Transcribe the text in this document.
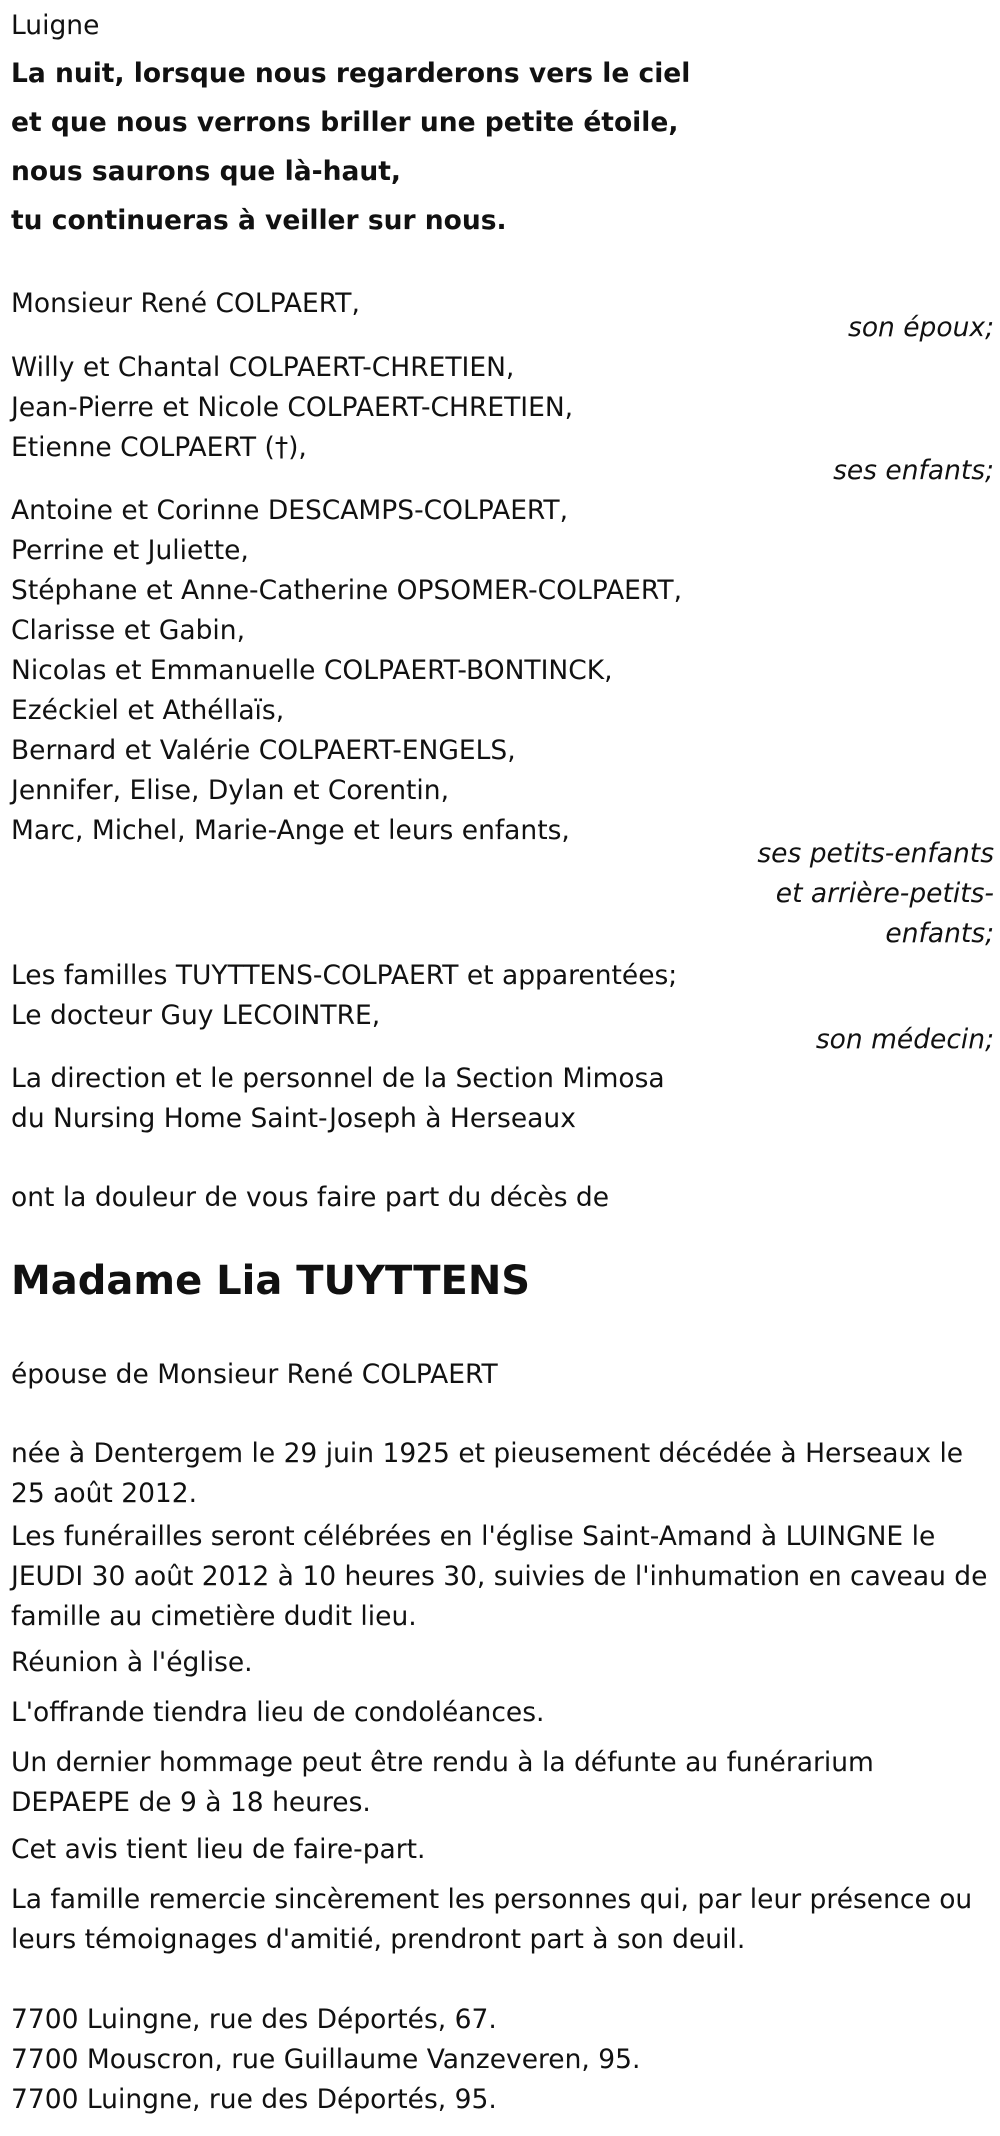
Luigne
La nuit, lorsque nous regarderons vers le ciel
et que nous verrons briller une petite étoile,
nous saurons que là-haut,
tu continueras à veiller sur nous.
Monsieur René COLPAERT,
son époux;
Willy et Chantal COLPAERT-CHRETIEN,
Jean-Pierre et Nicole COLPAERT-CHRETIEN,
Etienne COLPAERT (†),
ses enfants;
Antoine et Corinne DESCAMPS-COLPAERT,
Perrine et Juliette,
Stéphane et Anne-Catherine OPSOMER-COLPAERT,
Clarisse et Gabin,
Nicolas et Emmanuelle COLPAERT-BONTINCK,
Ezéckiel et Athéllaïs,
Bernard et Valérie COLPAERT-ENGELS,
Jennifer, Elise, Dylan et Corentin,
Marc, Michel, Marie-Ange et leurs enfants,
ses petits-enfants
et arrière-petits-
enfants;
Les familles TUYTTENS-COLPAERT et apparentées;
Le docteur Guy LECOINTRE,
son médecin;
La direction et le personnel de la Section Mimosa
du Nursing Home Saint-Joseph à Herseaux
ont la douleur de vous faire part du décès de
Madame Lia TUYTTENS
épouse de Monsieur René COLPAERT
née à Dentergem le 29 juin 1925 et pieusement décédée à Herseaux le 25 août 2012.
Les funérailles seront célébrées en l'église Saint-Amand à LUINGNE le JEUDI 30 août 2012 à 10 heures 30, suivies de l'inhumation en caveau de famille au cimetière dudit lieu.
Réunion à l'église.
L'offrande tiendra lieu de condoléances.
Un dernier hommage peut être rendu à la défunte au funérarium DEPAEPE de 9 à 18 heures.
Cet avis tient lieu de faire-part.
La famille remercie sincèrement les personnes qui, par leur présence ou leurs témoignages d'amitié, prendront part à son deuil.
7700 Luingne, rue des Déportés, 67.
7700 Mouscron, rue Guillaume Vanzeveren, 95.
7700 Luingne, rue des Déportés, 95.
